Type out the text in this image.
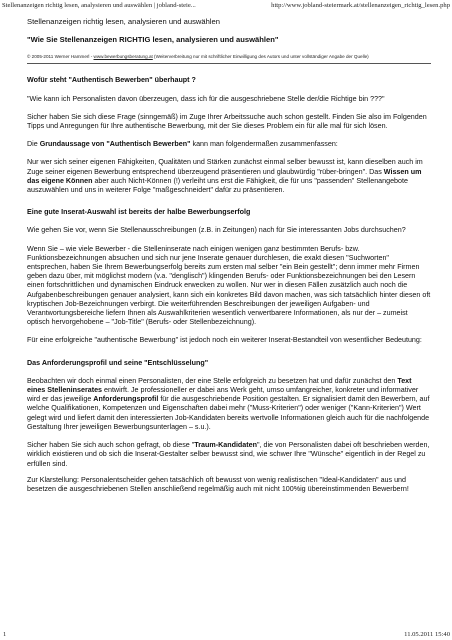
Stellenanzeigen richtig lesen, analysieren und auswählen | jobland-steie...	http://www.jobland-steiermark.at/stellenanzeigen_richtig_lesen.php

Stellenanzeigen richtig lesen, analysieren und auswählen

"Wie Sie Stellenanzeigen RICHTIG lesen, analysieren und auswählen"

© 2005-2011 Werner Hammerl - www.bewerbungsberatung.at (Weiterverbreitung nur mit schriftlicher Einwilligung des Autors und unter vollständiger Angabe der Quelle)

Wofür steht "Authentisch Bewerben" überhaupt ?

"Wie kann ich Personalisten davon überzeugen, dass ich für die ausgeschriebene Stelle der/die Richtige bin ???"

Sicher haben Sie sich diese Frage (sinngemäß) im Zuge Ihrer Arbeitssuche auch schon gestellt. Finden Sie also im Folgenden Tipps und Anregungen für Ihre authentische Bewerbung, mit der Sie dieses Problem ein für alle mal für sich lösen.

Die Grundaussage von "Authentisch Bewerben" kann man folgendermaßen zusammenfassen:

Nur wer sich seiner eigenen Fähigkeiten, Qualitäten und Stärken zunächst einmal selber bewusst ist, kann dieselben auch im Zuge seiner eigenen Bewerbung entsprechend überzeugend präsentieren und glaubwürdig "rüber-bringen". Das Wissen um das eigene Können aber auch Nicht-Können (!) verleiht uns erst die Fähigkeit, die für uns "passenden" Stellenangebote auszuwählen und uns in weiterer Folge "maßgeschneidert" dafür zu präsentieren.

Eine gute Inserat-Auswahl ist bereits der halbe Bewerbungserfolg

Wie gehen Sie vor, wenn Sie Stellenausschreibungen (z.B. in Zeitungen) nach für Sie interessanten Jobs durchsuchen?

Wenn Sie – wie viele Bewerber - die Stelleninserate nach einigen wenigen ganz bestimmten Berufs- bzw. Funktionsbezeichnungen absuchen und sich nur jene Inserate genauer durchlesen, die exakt diesen "Suchworten" entsprechen, haben Sie Ihrem Bewerbungserfolg bereits zum ersten mal selber "ein Bein gestellt"; denn immer mehr Firmen geben dazu über, mit möglichst modern (v.a. "denglisch") klingenden Berufs- oder Funktionsbezeichnungen bei den Lesern einen fortschrittlichen und dynamischen Eindruck erwecken zu wollen. Nur wer in diesen Fällen zusätzlich auch noch die Aufgabenbeschreibungen genauer analysiert, kann sich ein konkretes Bild davon machen, was sich tatsächlich hinter diesen oft kryptischen Job-Bezeichnungen verbirgt. Die weiterführenden Beschreibungen der jeweiligen Aufgaben- und Verantwortungsbereiche liefern Ihnen als Auswahlkriterien wesentlich verwertbarere Informationen, als nur der – zumeist optisch hervorgehobene – "Job-Title" (Berufs- oder Stellenbezeichnung).

Für eine erfolgreiche "authentische Bewerbung" ist jedoch noch ein weiterer Inserat-Bestandteil von wesentlicher Bedeutung:

Das Anforderungsprofil und seine "Entschlüsselung"

Beobachten wir doch einmal einen Personalisten, der eine Stelle erfolgreich zu besetzen hat und dafür zunächst den Text eines Stelleninserates entwirft. Je professioneller er dabei ans Werk geht, umso umfangreicher, konkreter und informativer wird er das jeweilige Anforderungsprofil für die ausgeschriebende Position gestalten. Er signalisiert damit den Bewerbern, auf welche Qualifikationen, Kompetenzen und Eigenschaften dabei mehr ("Muss-Kriterien") oder weniger ("Kann-Kriterien") Wert gelegt wird und liefert damit den interessierten Job-Kandidaten bereits wertvolle Informationen gleich auch für die nachfolgende Gestaltung Ihrer jeweiligen Bewerbungsunterlagen – s.u.).

Sicher haben Sie sich auch schon gefragt, ob diese "Traum-Kandidaten", die von Personalisten dabei oft beschrieben werden, wirklich existieren und ob sich die Inserat-Gestalter selber bewusst sind, wie schwer Ihre "Wünsche" eigentlich in der Regel zu erfüllen sind.

Zur Klarstellung: Personalentscheider gehen tatsächlich oft bewusst von wenig realistischen "Ideal-Kandidaten" aus und besetzen die ausgeschriebenen Stellen anschließend regelmäßig auch mit nicht 100%ig übereinstimmenden Bewerbern!

1	11.05.2011 15:40
